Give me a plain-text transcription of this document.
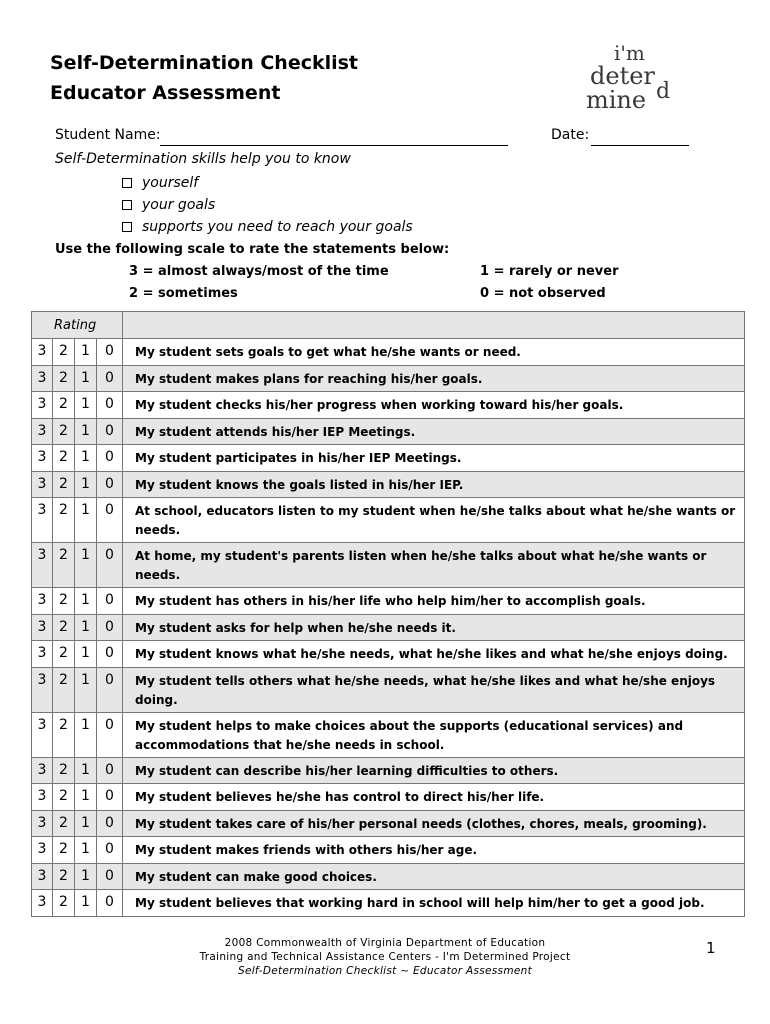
Self-Determination Checklist
Educator Assessment
i'm
deter
d
mine
Student Name:	Date:
Self-Determination skills help you to know
yourself
your goals
supports you need to reach your goals
Use the following scale to rate the statements below:
3 = almost always/most of the time	1 = rarely or never
2 = sometimes	0 = not observed
Rating				
3	2	1	0	My student sets goals to get what he/she wants or need.
3	2	1	0	My student makes plans for reaching his/her goals.
3	2	1	0	My student checks his/her progress when working toward his/her goals.
3	2	1	0	My student attends his/her IEP Meetings.
3	2	1	0	My student participates in his/her IEP Meetings.
3	2	1	0	My student knows the goals listed in his/her IEP.
3	2	1	0	At school, educators listen to my student when he/she talks about what he/she wants or needs.
3	2	1	0	At home, my student's parents listen when he/she talks about what he/she wants or needs.
3	2	1	0	My student has others in his/her life who help him/her to accomplish goals.
3	2	1	0	My student asks for help when he/she needs it.
3	2	1	0	My student knows what he/she needs, what he/she likes and what he/she enjoys doing.
3	2	1	0	My student tells others what he/she needs, what he/she likes and what he/she enjoys doing.
3	2	1	0	My student helps to make choices about the supports (educational services) and accommodations that he/she needs in school.
3	2	1	0	My student can describe his/her learning difficulties to others.
3	2	1	0	My student believes he/she has control to direct his/her life.
3	2	1	0	My student takes care of his/her personal needs (clothes, chores, meals, grooming).
3	2	1	0	My student makes friends with others his/her age.
3	2	1	0	My student can make good choices.
3	2	1	0	My student believes that working hard in school will help him/her to get a good job.
2008 Commonwealth of Virginia Department of Education
Training and Technical Assistance Centers - I'm Determined Project
Self-Determination Checklist ~ Educator Assessment
1
